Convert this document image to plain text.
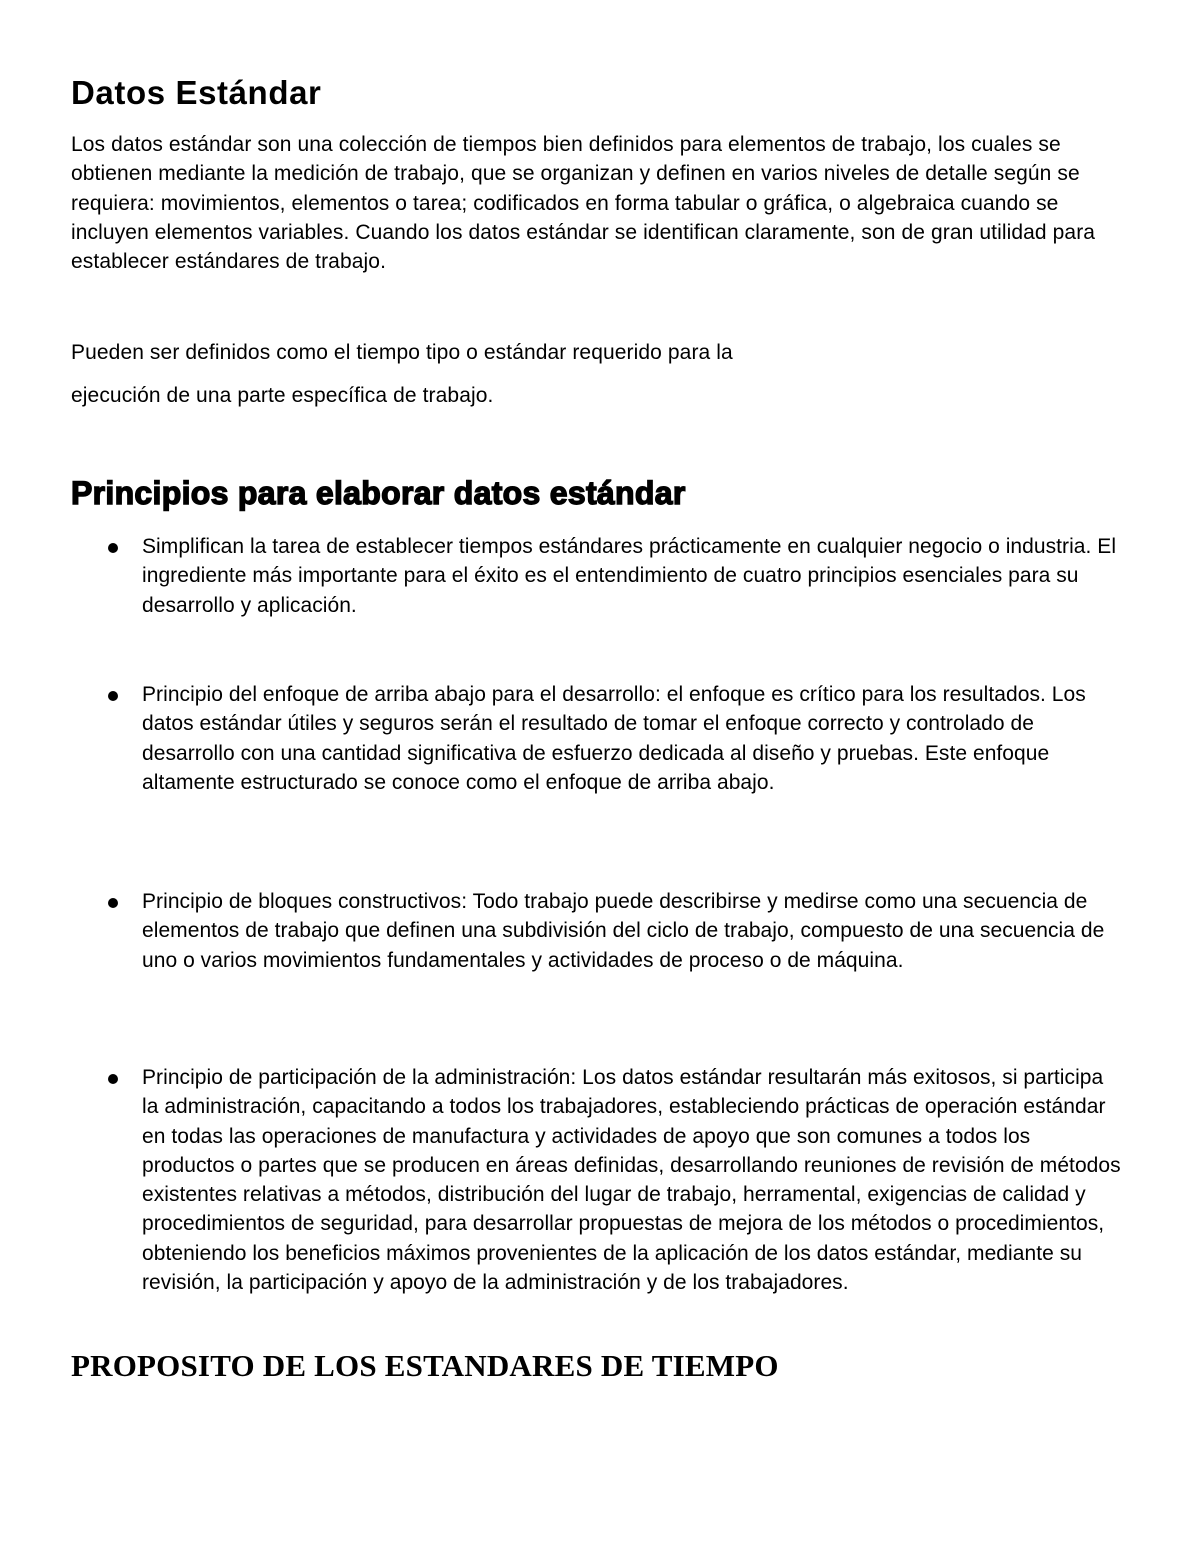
Datos Estándar

Los datos estándar son una colección de tiempos bien definidos para elementos de trabajo, los cuales se obtienen mediante la medición de trabajo, que se organizan y definen en varios niveles de detalle según se requiera: movimientos, elementos o tarea; codificados en forma tabular o gráfica, o algebraica cuando se incluyen elementos variables. Cuando los datos estándar se identifican claramente, son de gran utilidad para establecer estándares de trabajo.

Pueden ser definidos como el tiempo tipo o estándar requerido para la

ejecución de una parte específica de trabajo.

Principios para elaborar datos estándar

Simplifican la tarea de establecer tiempos estándares prácticamente en cualquier negocio o industria. El ingrediente más importante para el éxito es el entendimiento de cuatro principios esenciales para su desarrollo y aplicación.

Principio del enfoque de arriba abajo para el desarrollo: el enfoque es crítico para los resultados. Los datos estándar útiles y seguros serán el resultado de tomar el enfoque correcto y controlado de desarrollo con una cantidad significativa de esfuerzo dedicada al diseño y pruebas. Este enfoque altamente estructurado se conoce como el enfoque de arriba abajo.

Principio de bloques constructivos: Todo trabajo puede describirse y medirse como una secuencia de elementos de trabajo que definen una subdivisión del ciclo de trabajo, compuesto de una secuencia de uno o varios movimientos fundamentales y actividades de proceso o de máquina.

Principio de participación de la administración: Los datos estándar resultarán más exitosos, si participa la administración, capacitando a todos los trabajadores, estableciendo prácticas de operación estándar en todas las operaciones de manufactura y actividades de apoyo que son comunes a todos los productos o partes que se producen en áreas definidas, desarrollando reuniones de revisión de métodos existentes relativas a métodos, distribución del lugar de trabajo, herramental, exigencias de calidad y procedimientos de seguridad, para desarrollar propuestas de mejora de los métodos o procedimientos, obteniendo los beneficios máximos provenientes de la aplicación de los datos estándar, mediante su revisión, la participación y apoyo de la administración y de los trabajadores.

PROPOSITO DE LOS ESTANDARES DE TIEMPO
